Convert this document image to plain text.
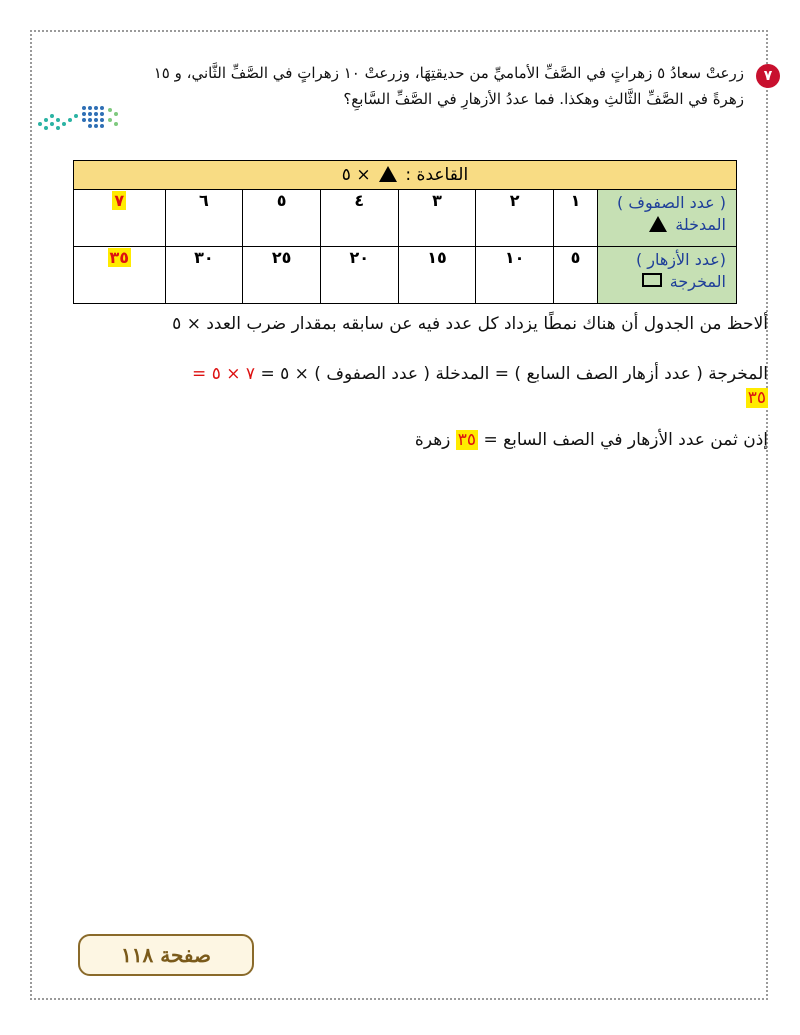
٧
زرعتْ سعادُ ٥ زهراتٍ في الصَّفِّ الأماميِّ من حديقتِهَا، وزرعتْ ١٠ زهراتٍ في الصَّفِّ الثَّاني، و ١٥
زهرةً في الصَّفِّ الثَّالثِ وهكذا. فما عددُ الأزهارِ في الصَّفِّ السَّابعِ؟
القاعدة :  × ٥							

( عدد الصفوف )
المدخلة	١	٢	٣	٤	٥	٦	٧

(عدد الأزهار )
المخرجة	٥	١٠	١٥	٢٠	٢٥	٣٠	٣٥
ألاحظ من الجدول أن هناك نمطًا يزداد كل عدد فيه عن سابقه بمقدار ضرب العدد × ٥
المخرجة ( عدد أزهار الصف السابع ) = المدخلة ( عدد الصفوف ) × ٥ = ٧ × ٥ =
٣٥
إذن ثمن عدد الأزهار في الصف السابع = ٣٥ زهرة
صفحة ١١٨
